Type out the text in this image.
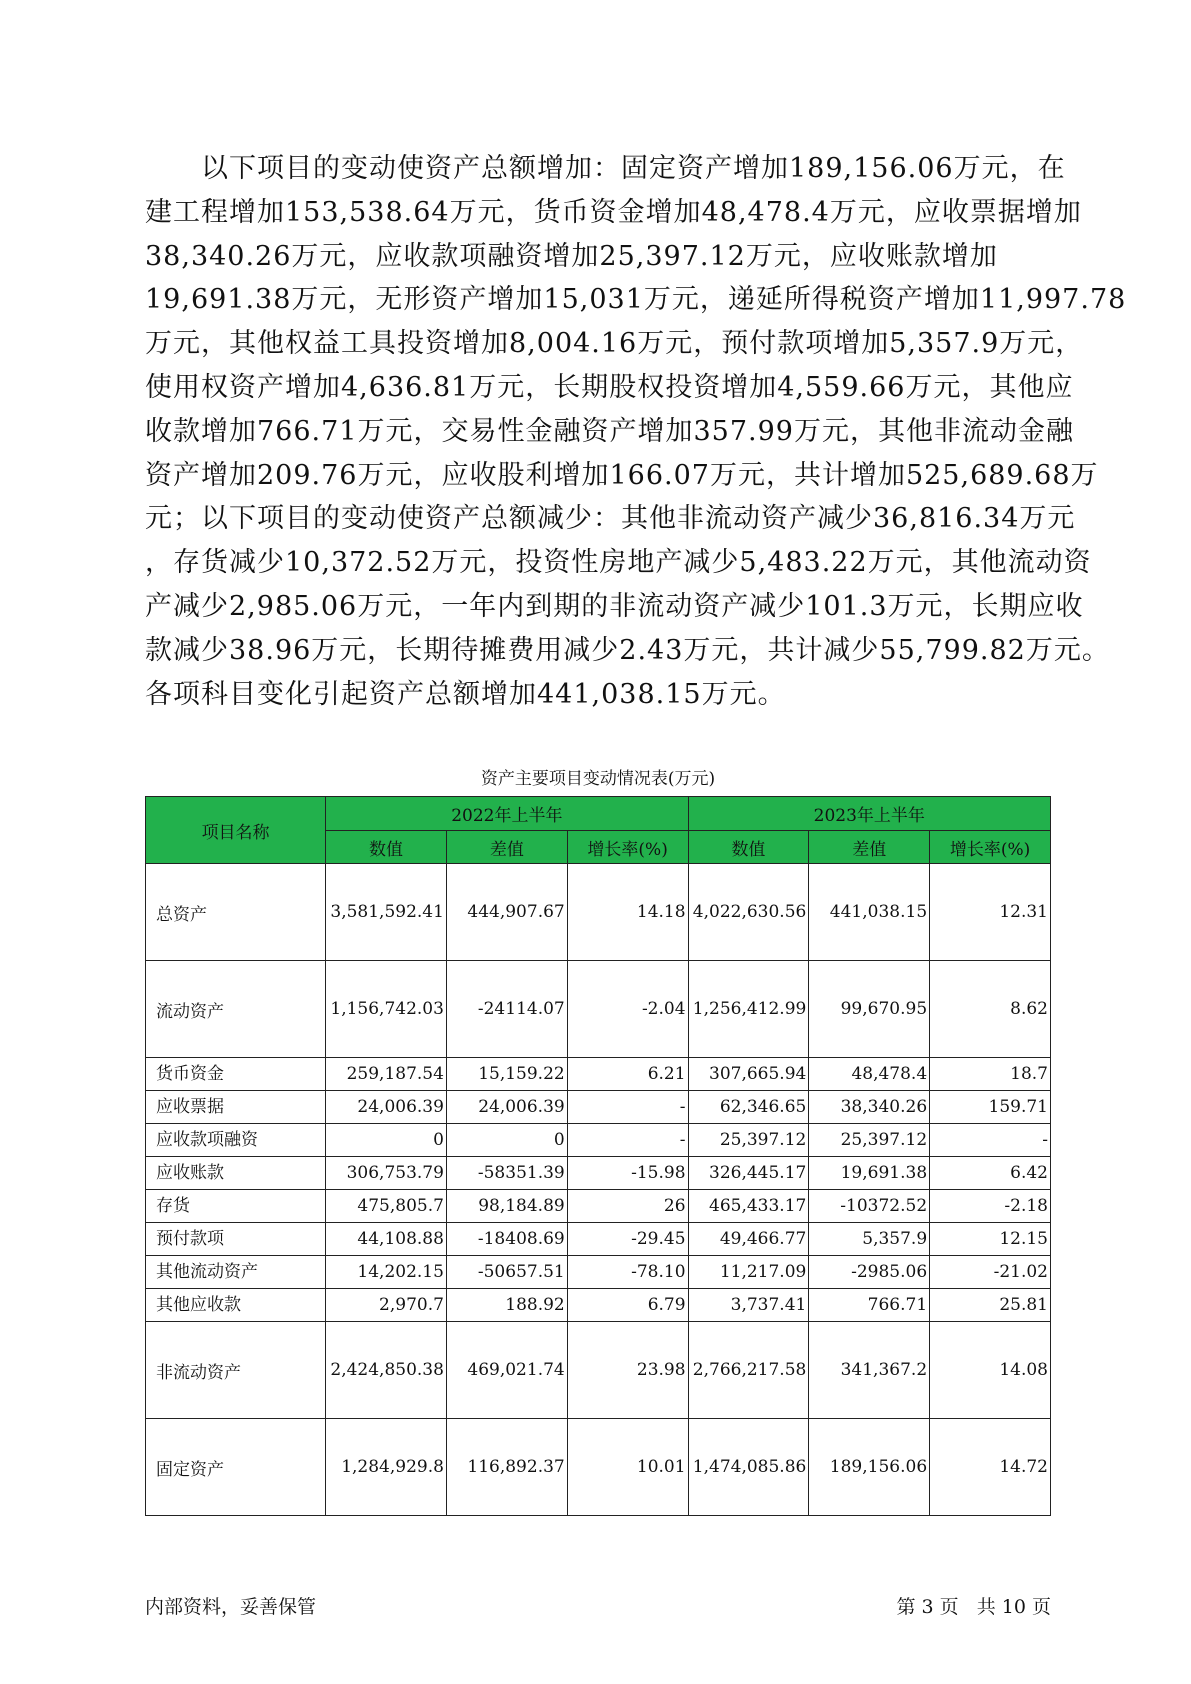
以下项目的变动使资产总额增加：固定资产增加189,156.06万元，在
建工程增加153,538.64万元，货币资金增加48,478.4万元，应收票据增加
38,340.26万元，应收款项融资增加25,397.12万元，应收账款增加
19,691.38万元，无形资产增加15,031万元，递延所得税资产增加11,997.78
万元，其他权益工具投资增加8,004.16万元，预付款项增加5,357.9万元，
使用权资产增加4,636.81万元，长期股权投资增加4,559.66万元，其他应
收款增加766.71万元，交易性金融资产增加357.99万元，其他非流动金融
资产增加209.76万元，应收股利增加166.07万元，共计增加525,689.68万
元；以下项目的变动使资产总额减少：其他非流动资产减少36,816.34万元
，存货减少10,372.52万元，投资性房地产减少5,483.22万元，其他流动资
产减少2,985.06万元，一年内到期的非流动资产减少101.3万元，长期应收
款减少38.96万元，长期待摊费用减少2.43万元，共计减少55,799.82万元。
各项科目变化引起资产总额增加441,038.15万元。
资产主要项目变动情况表(万元)
项目名称	2022年上半年			2023年上半年		
	数值	差值	增长率(%)	数值	差值	增长率(%)
总资产	3,581,592.41	444,907.67	14.18	4,022,630.56	441,038.15	12.31
流动资产	1,156,742.03	-24114.07	-2.04	1,256,412.99	99,670.95	8.62
货币资金	259,187.54	15,159.22	6.21	307,665.94	48,478.4	18.7
应收票据	24,006.39	24,006.39	-	62,346.65	38,340.26	159.71
应收款项融资	0	0	-	25,397.12	25,397.12	-
应收账款	306,753.79	-58351.39	-15.98	326,445.17	19,691.38	6.42
存货	475,805.7	98,184.89	26	465,433.17	-10372.52	-2.18
预付款项	44,108.88	-18408.69	-29.45	49,466.77	5,357.9	12.15
其他流动资产	14,202.15	-50657.51	-78.10	11,217.09	-2985.06	-21.02
其他应收款	2,970.7	188.92	6.79	3,737.41	766.71	25.81
非流动资产	2,424,850.38	469,021.74	23.98	2,766,217.58	341,367.2	14.08
固定资产	1,284,929.8	116,892.37	10.01	1,474,085.86	189,156.06	14.72
内部资料，妥善保管	第 3 页   共 10 页
